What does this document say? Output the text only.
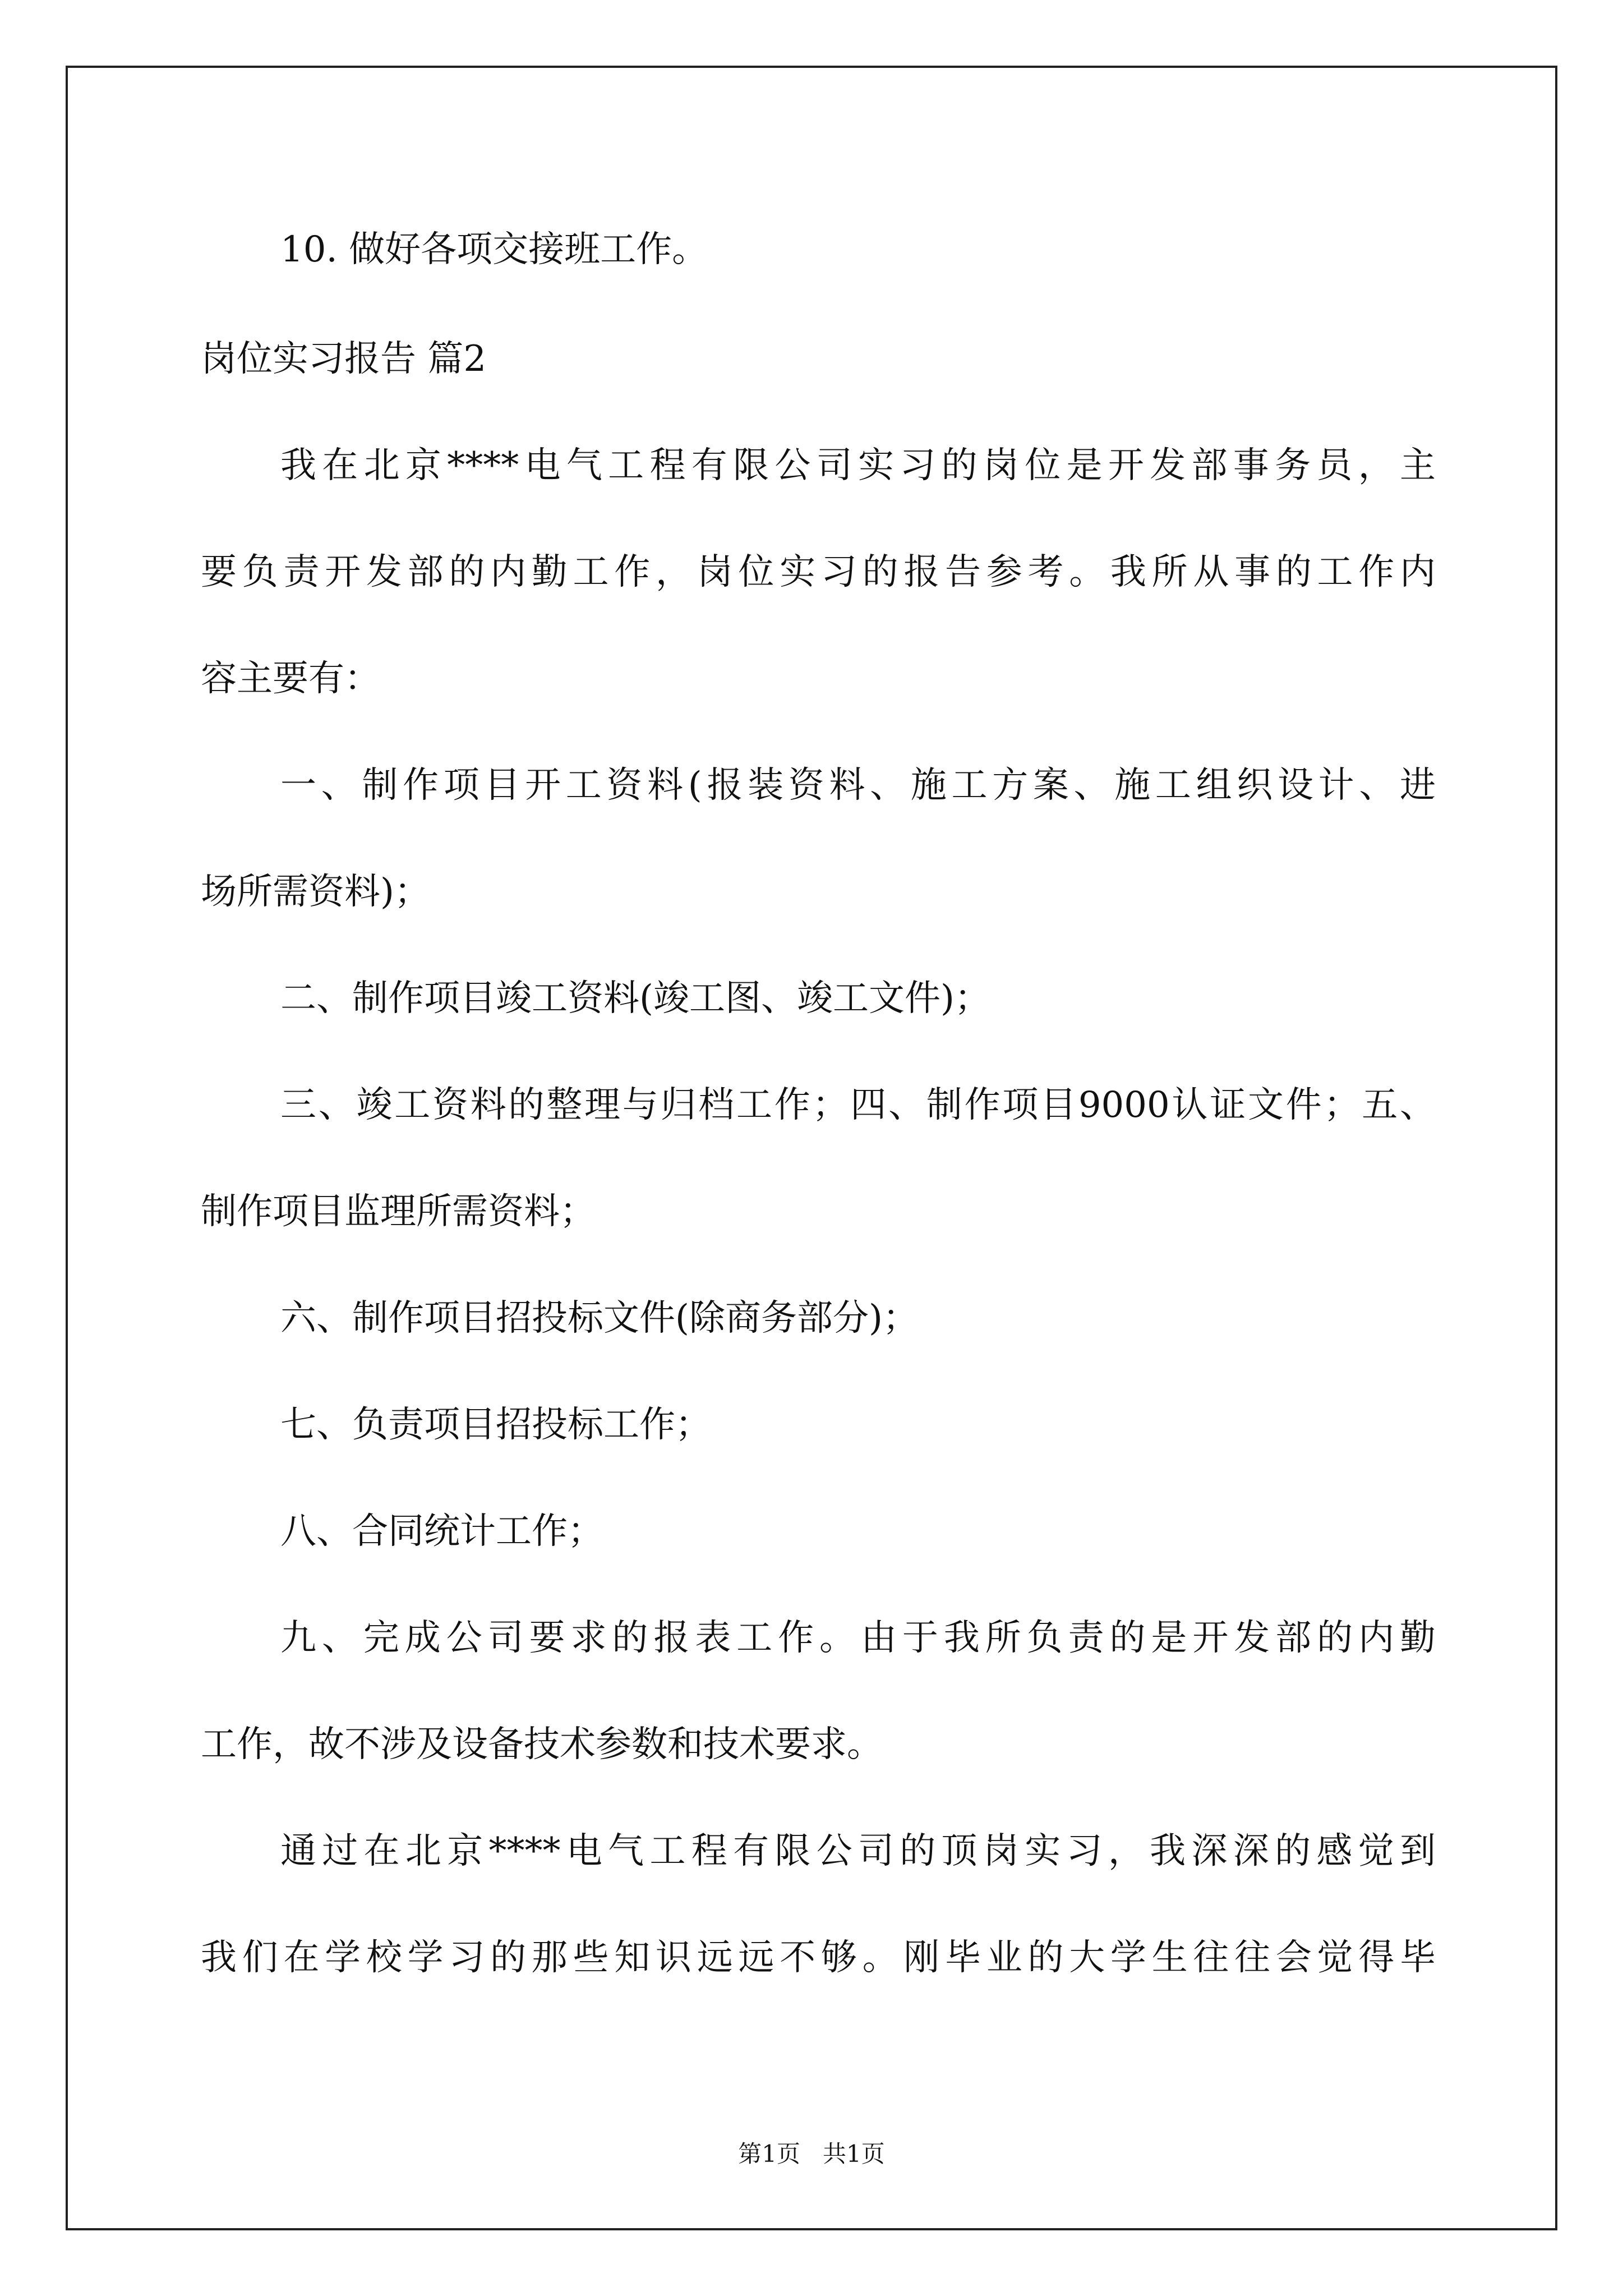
10. 做好各项交接班工作。
岗位实习报告 篇2
我在北京****电气工程有限公司实习的岗位是开发部事务员，主
要负责开发部的内勤工作，岗位实习的报告参考。我所从事的工作内
容主要有：
一、制作项目开工资料(报装资料、施工方案、施工组织设计、进
场所需资料)；
二、制作项目竣工资料(竣工图、竣工文件)；
三、竣工资料的整理与归档工作；四、制作项目9000认证文件；五、
制作项目监理所需资料；
六、制作项目招投标文件(除商务部分)；
七、负责项目招投标工作；
八、合同统计工作；
九、完成公司要求的报表工作。由于我所负责的是开发部的内勤
工作，故不涉及设备技术参数和技术要求。
通过在北京****电气工程有限公司的顶岗实习，我深深的感觉到
我们在学校学习的那些知识远远不够。刚毕业的大学生往往会觉得毕
第1页   共1页
